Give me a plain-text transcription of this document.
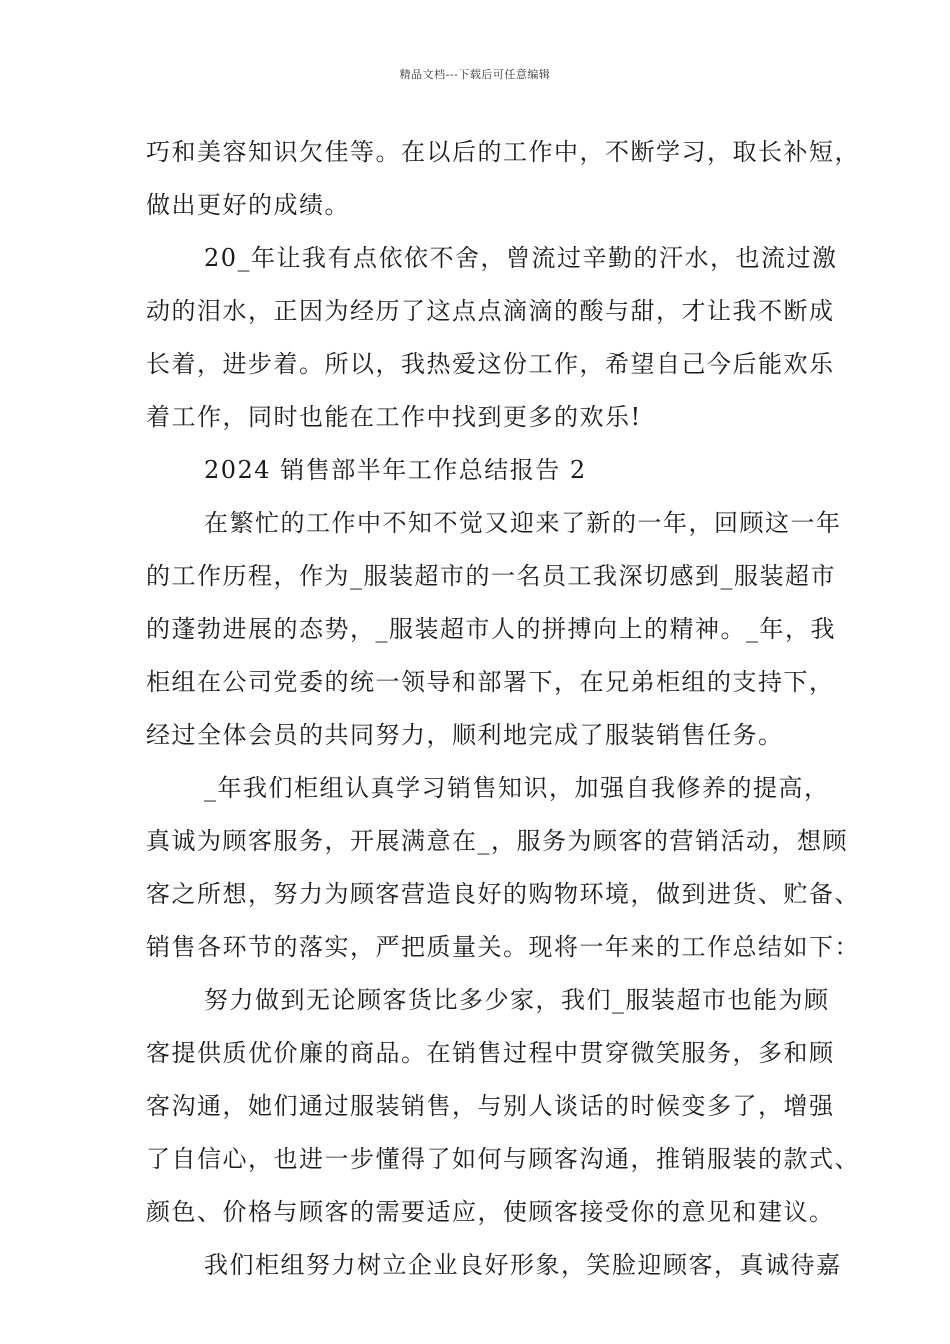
精品文档---下载后可任意编辑
巧和美容知识欠佳等。在以后的工作中，不断学习，取长补短，
做出更好的成绩。
20_年让我有点依依不舍，曾流过辛勤的汗水，也流过激
动的泪水，正因为经历了这点点滴滴的酸与甜，才让我不断成
长着，进步着。所以，我热爱这份工作，希望自己今后能欢乐
着工作，同时也能在工作中找到更多的欢乐!
2024 销售部半年工作总结报告 2
在繁忙的工作中不知不觉又迎来了新的一年，回顾这一年
的工作历程，作为_服装超市的一名员工我深切感到_服装超市
的蓬勃进展的态势，_服装超市人的拼搏向上的精神。_年，我
柜组在公司党委的统一领导和部署下，在兄弟柜组的支持下，
经过全体会员的共同努力，顺利地完成了服装销售任务。
_年我们柜组认真学习销售知识，加强自我修养的提高，
真诚为顾客服务，开展满意在_，服务为顾客的营销活动，想顾
客之所想，努力为顾客营造良好的购物环境，做到进货、贮备、
销售各环节的落实，严把质量关。现将一年来的工作总结如下：
努力做到无论顾客货比多少家，我们_服装超市也能为顾
客提供质优价廉的商品。在销售过程中贯穿微笑服务，多和顾
客沟通，她们通过服装销售，与别人谈话的时候变多了，增强
了自信心，也进一步懂得了如何与顾客沟通，推销服装的款式、
颜色、价格与顾客的需要适应，使顾客接受你的意见和建议。
我们柜组努力树立企业良好形象，笑脸迎顾客，真诚待嘉
